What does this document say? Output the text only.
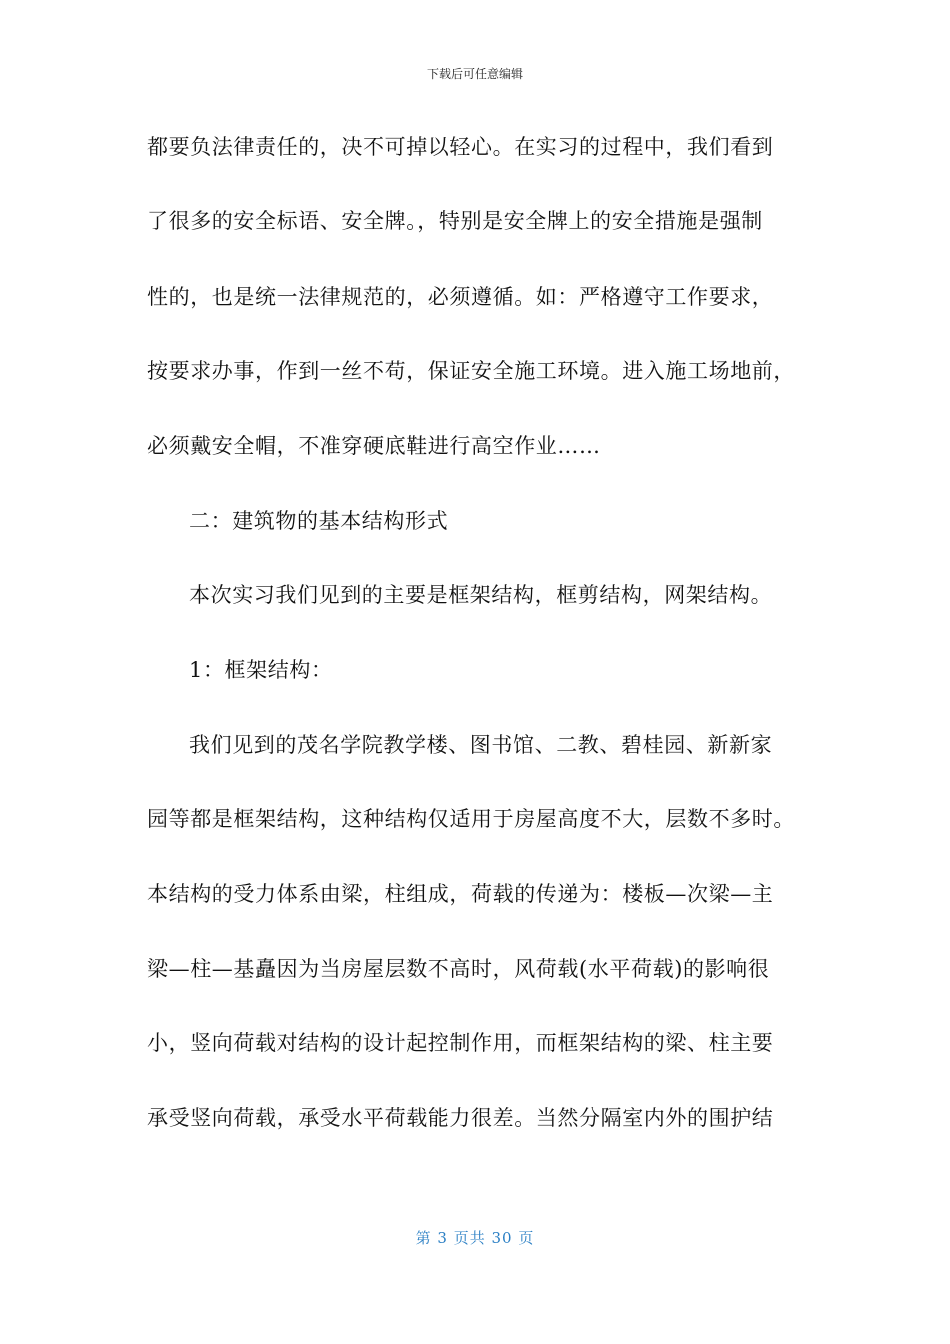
下载后可任意编辑
都要负法律责任的，决不可掉以轻心。在实习的过程中，我们看到
了很多的安全标语、安全牌。，特别是安全牌上的安全措施是强制
性的，也是统一法律规范的，必须遵循。如：严格遵守工作要求，
按要求办事，作到一丝不苟，保证安全施工环境。进入施工场地前，
必须戴安全帽，不准穿硬底鞋进行高空作业……
二：建筑物的基本结构形式
本次实习我们见到的主要是框架结构，框剪结构，网架结构。
1：框架结构：
我们见到的茂名学院教学楼、图书馆、二教、碧桂园、新新家
园等都是框架结构，这种结构仅适用于房屋高度不大，层数不多时。
本结构的受力体系由梁，柱组成，荷载的传递为：楼板—次梁—主
梁—柱—基矗因为当房屋层数不高时，风荷载(水平荷载)的影响很
小，竖向荷载对结构的设计起控制作用，而框架结构的梁、柱主要
承受竖向荷载，承受水平荷载能力很差。当然分隔室内外的围护结
第 3 页共 30 页
